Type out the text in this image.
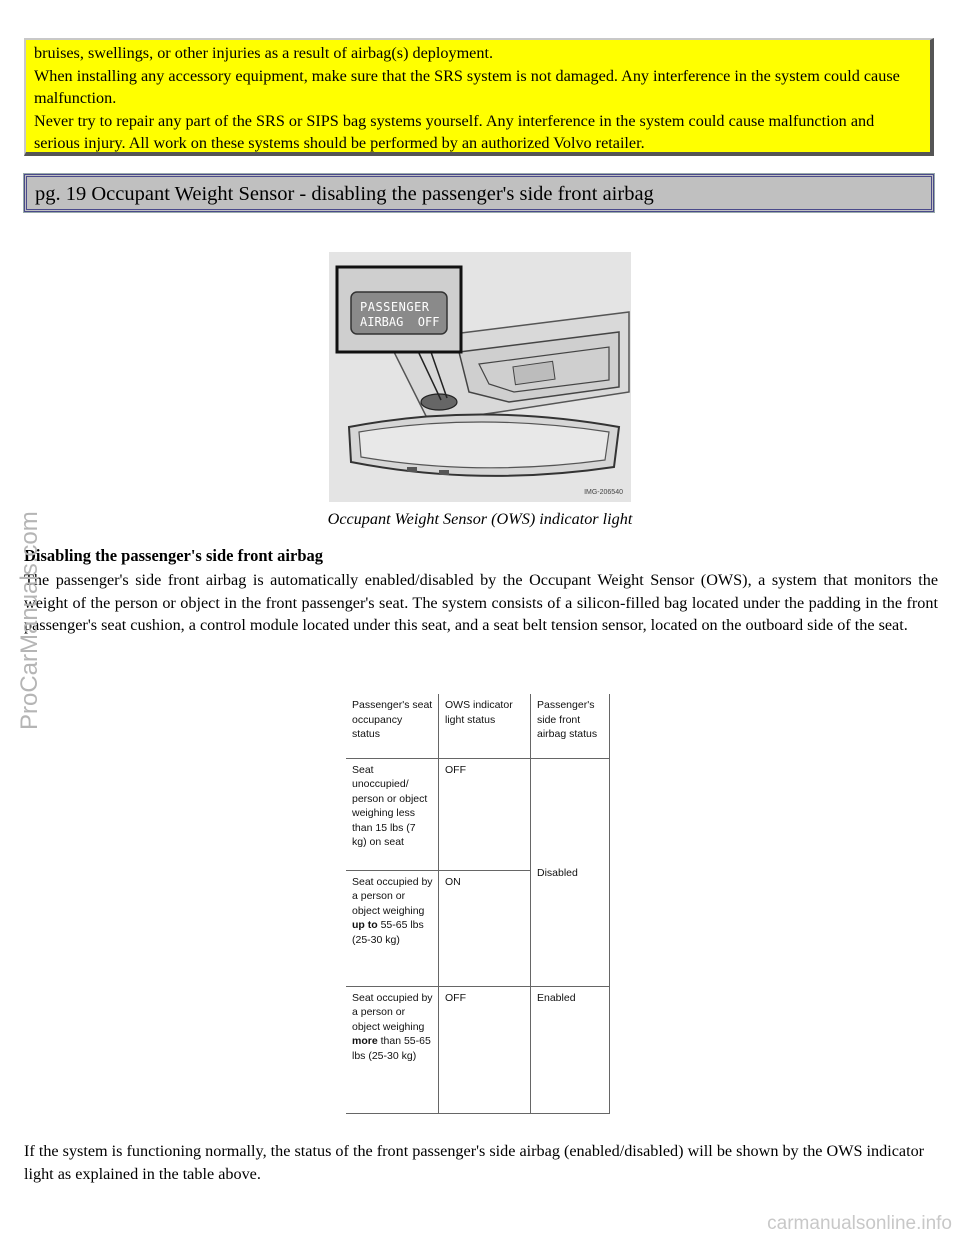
bruises, swellings, or other injuries as a result of airbag(s) deployment.

When installing any accessory equipment, make sure that the SRS system is not damaged. Any interference in the system could cause malfunction.

Never try to repair any part of the SRS or SIPS bag systems yourself. Any interference in the system could cause malfunction and serious injury. All work on these systems should be performed by an authorized Volvo retailer.

pg. 19 Occupant Weight Sensor - disabling the passenger's side front airbag
PASSENGER
AIRBAG  OFF
IMG-206540
Occupant Weight Sensor (OWS) indicator light
Disabling the passenger's side front airbag
The passenger's side front airbag is automatically enabled/disabled by the Occupant Weight Sensor (OWS), a system that monitors the weight of the person or object in the front passenger's seat. The system consists of a silicon-filled bag located under the padding in the front passenger's seat cushion, a control module located under this seat, and a seat belt tension sensor, located on the outboard side of the seat.
ProCarManuals.com	Passenger's seat occupancy status	OWS indicator light status	Passenger's side front airbag status
Seat unoccupied/ person or object weighing less than 15 lbs (7 kg) on seat	OFF	Disabled
Seat occupied by a person or object weighing up to 55-65 lbs (25-30 kg)	ON	
Seat occupied by a person or object weighing more than 55-65 lbs (25-30 kg)	OFF	Enabled
If the system is functioning normally, the status of the front passenger's side airbag (enabled/disabled) will be shown by the OWS indicator light as explained in the table above.
carmanualsonline.info
